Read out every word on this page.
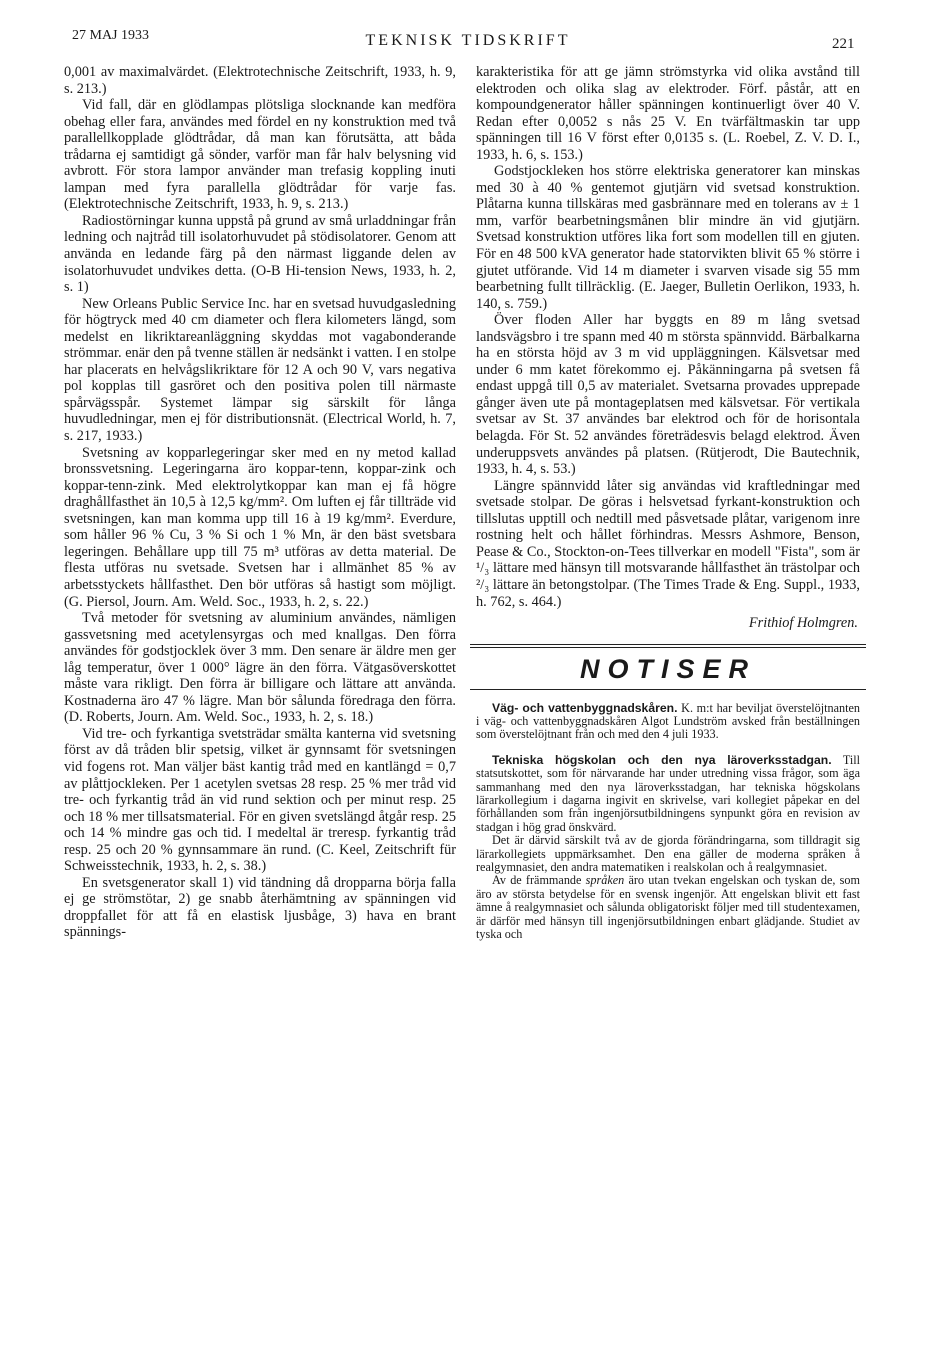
27 MAJ 1933	TEKNISK TIDSKRIFT	221

0,001 av maximalvärdet. (Elektrotechnische Zeitschrift, 1933, h. 9, s. 213.)

Vid fall, där en glödlampas plötsliga slocknande kan medföra obehag eller fara, användes med fördel en ny konstruktion med två parallellkopplade glödtrådar, då man kan förutsätta, att båda trådarna ej samtidigt gå sönder, varför man får halv belysning vid avbrott. För stora lampor använder man trefasig koppling inuti lampan med fyra parallella glödtrådar för varje fas. (Elektrotechnische Zeitschrift, 1933, h. 9, s. 213.)

Radiostörningar kunna uppstå på grund av små urladdningar från ledning och najtråd till isolatorhuvudet på stödisolatorer. Genom att använda en ledande färg på den närmast liggande delen av isolatorhuvudet undvikes detta. (O-B Hi-tension News, 1933, h. 2, s. 1)

New Orleans Public Service Inc. har en svetsad huvudgasledning för högtryck med 40 cm diameter och flera kilometers längd, som medelst en likriktareanläggning skyddas mot vagabonderande strömmar. enär den på tvenne ställen är nedsänkt i vatten. I en stolpe har placerats en helvågslikriktare för 12 A och 90 V, vars negativa pol kopplas till gasröret och den positiva polen till närmaste spårvägsspår. Systemet lämpar sig särskilt för långa huvudledningar, men ej för distributionsnät. (Electrical World, h. 7, s. 217, 1933.)

Svetsning av kopparlegeringar sker med en ny metod kallad bronssvetsning. Legeringarna äro koppar-tenn, koppar-zink och koppar-tenn-zink. Med elektrolytkoppar kan man ej få högre draghållfasthet än 10,5 à 12,5 kg/mm². Om luften ej får tillträde vid svetsningen, kan man komma upp till 16 à 19 kg/mm². Everdure, som håller 96 % Cu, 3 % Si och 1 % Mn, är den bäst svetsbara legeringen. Behållare upp till 75 m³ utföras av detta material. De flesta utföras nu svetsade. Svetsen har i allmänhet 85 % av arbetsstyckets hållfasthet. Den bör utföras så hastigt som möjligt. (G. Piersol, Journ. Am. Weld. Soc., 1933, h. 2, s. 22.)

Två metoder för svetsning av aluminium användes, nämligen gassvetsning med acetylensyrgas och med knallgas. Den förra användes för godstjocklek över 3 mm. Den senare är äldre men ger låg temperatur, över 1 000° lägre än den förra. Vätgasöverskottet måste vara rikligt. Den förra är billigare och lättare att använda. Kostnaderna äro 47 % lägre. Man bör sålunda föredraga den förra. (D. Roberts, Journ. Am. Weld. Soc., 1933, h. 2, s. 18.)

Vid tre- och fyrkantiga svetsträdar smälta kanterna vid svetsning först av då tråden blir spetsig, vilket är gynnsamt för svetsningen vid fogens rot. Man väljer bäst kantig tråd med en kantlängd = 0,7 av plåttjockleken. Per 1 acetylen svetsas 28 resp. 25 % mer tråd vid tre- och fyrkantig tråd än vid rund sektion och per minut resp. 25 och 18 % mer tillsatsmaterial. För en given svetslängd åtgår resp. 25 och 14 % mindre gas och tid. I medeltal är treresp. fyrkantig tråd resp. 25 och 20 % gynnsammare än rund. (C. Keel, Zeitschrift für Schweisstechnik, 1933, h. 2, s. 38.)

En svetsgenerator skall 1) vid tändning då dropparna börja falla ej ge strömstötar, 2) ge snabb återhämtning av spänningen vid droppfallet för att få en elastisk ljusbåge, 3) hava en brant spännings-

karakteristika för att ge jämn strömstyrka vid olika avstånd till elektroden och olika slag av elektroder. Förf. påstår, att en kompoundgenerator håller spänningen kontinuerligt över 40 V. Redan efter 0,0052 s nås 25 V. En tvärfältmaskin tar upp spänningen till 16 V först efter 0,0135 s. (L. Roebel, Z. V. D. I., 1933, h. 6, s. 153.)

Godstjockleken hos större elektriska generatorer kan minskas med 30 à 40 % gentemot gjutjärn vid svetsad konstruktion. Plåtarna kunna tillskäras med gasbrännare med en tolerans av ± 1 mm, varför bearbetningsmånen blir mindre än vid gjutjärn. Svetsad konstruktion utföres lika fort som modellen till en gjuten. För en 48 500 kVA generator hade statorvikten blivit 65 % större i gjutet utförande. Vid 14 m diameter i svarven visade sig 55 mm bearbetning fullt tillräcklig. (E. Jaeger, Bulletin Oerlikon, 1933, h. 140, s. 759.)

Över floden Aller har byggts en 89 m lång svetsad landsvägsbro i tre spann med 40 m största spännvidd. Bärbalkarna ha en största höjd av 3 m vid uppläggningen. Kälsvetsar med under 6 mm katet förekommo ej. Påkänningarna på svetsen få endast uppgå till 0,5 av materialet. Svetsarna provades upprepade gånger även ute på montageplatsen med kälsvetsar. För vertikala svetsar av St. 37 användes bar elektrod och för de horisontala belagda. För St. 52 användes företrädesvis belagd elektrod. Även underuppsvets användes på platsen. (Rütjerodt, Die Bautechnik, 1933, h. 4, s. 53.)

Längre spännvidd låter sig användas vid kraftledningar med svetsade stolpar. De göras i helsvetsad fyrkant-konstruktion och tillslutas upptill och nedtill med påsvetsade plåtar, varigenom inre rostning helt och hållet förhindras. Messrs Ashmore, Benson, Pease & Co., Stockton-on-Tees tillverkar en modell "Fista", som är ¹/₃ lättare med hänsyn till motsvarande hållfasthet än trästolpar och ²/₃ lättare än betongstolpar. (The Times Trade & Eng. Suppl., 1933, h. 762, s. 464.)

Frithiof Holmgren.
NOTISER

Väg- och vattenbyggnadskåren. K. m:t har beviljat överstelöjtnanten i väg- och vattenbyggnadskåren Algot Lundström avsked från beställningen som överstelöjtnant från och med den 4 juli 1933.

Tekniska högskolan och den nya läroverksstadgan. Till statsutskottet, som för närvarande har under utredning vissa frågor, som äga sammanhang med den nya läroverksstadgan, har tekniska högskolans lärarkollegium i dagarna ingivit en skrivelse, vari kollegiet påpekar en del förhållanden som från ingenjörsutbildningens synpunkt göra en revision av stadgan i hög grad önskvärd.

Det är därvid särskilt två av de gjorda förändringarna, som tilldragit sig lärarkollegiets uppmärksamhet. Den ena gäller de moderna språken å realgymnasiet, den andra matematiken i realskolan och å realgymnasiet.

Av de främmande språken äro utan tvekan engelskan och tyskan de, som äro av största betydelse för en svensk ingenjör. Att engelskan blivit ett fast ämne å realgymnasiet och sålunda obligatoriskt följer med till studentexamen, är därför med hänsyn till ingenjörsutbildningen enbart glädjande. Studiet av tyska och
